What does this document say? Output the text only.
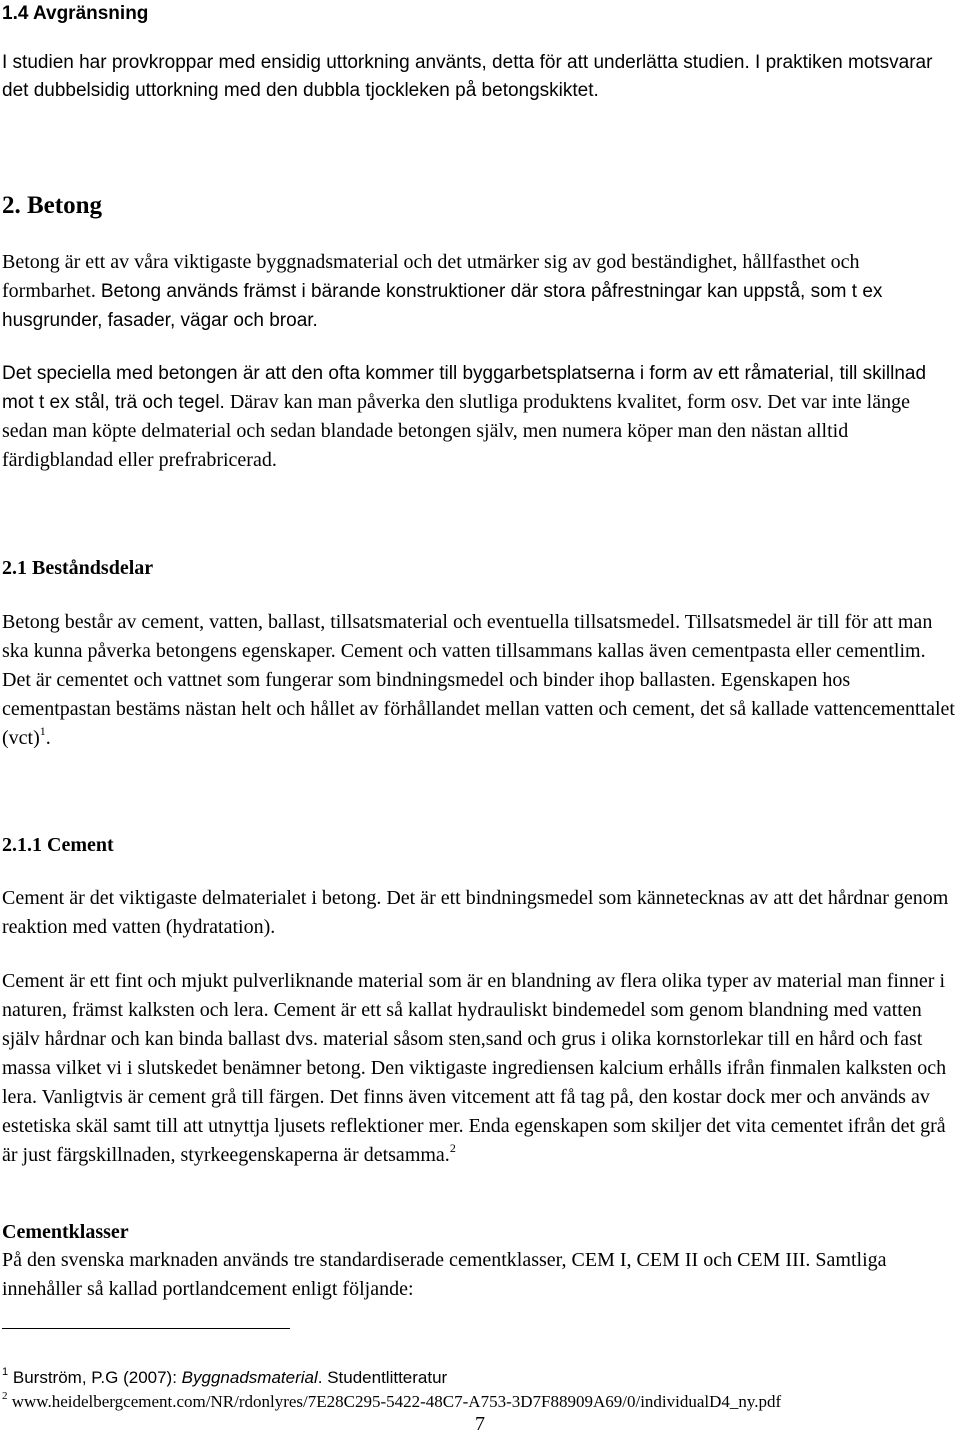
1.4 Avgränsning

I studien har provkroppar med ensidig uttorkning använts, detta för att underlätta studien. I praktiken motsvarar det dubbelsidig uttorkning med den dubbla tjockleken på betongskiktet.

2. Betong

Betong är ett av våra viktigaste byggnadsmaterial och det utmärker sig av god beständighet, hållfasthet och formbarhet. Betong används främst i bärande konstruktioner där stora påfrestningar kan uppstå, som t ex husgrunder, fasader, vägar och broar.

Det speciella med betongen är att den ofta kommer till byggarbetsplatserna i form av ett råmaterial, till skillnad mot t ex stål, trä och tegel. Därav kan man påverka den slutliga produktens kvalitet, form osv. Det var inte länge sedan man köpte delmaterial och sedan blandade betongen själv, men numera köper man den nästan alltid färdigblandad eller prefrabricerad.

2.1 Beståndsdelar

Betong består av cement, vatten, ballast, tillsatsmaterial och eventuella tillsatsmedel. Tillsatsmedel är till för att man ska kunna påverka betongens egenskaper. Cement och vatten tillsammans kallas även cementpasta eller cementlim. Det är cementet och vattnet som fungerar som bindningsmedel och binder ihop ballasten. Egenskapen hos cementpastan bestäms nästan helt och hållet av förhållandet mellan vatten och cement, det så kallade vattencementtalet (vct)$^1$.

2.1.1 Cement

Cement är det viktigaste delmaterialet i betong. Det är ett bindningsmedel som kännetecknas av att det hårdnar genom reaktion med vatten (hydratation).

Cement är ett fint och mjukt pulverliknande material som är en blandning av flera olika typer av material man finner i naturen, främst kalksten och lera. Cement är ett så kallat hydrauliskt bindemedel som genom blandning med vatten själv hårdnar och kan binda ballast dvs. material såsom sten,sand och grus i olika kornstorlekar till en hård och fast massa vilket vi i slutskedet benämner betong. Den viktigaste ingrediensen kalcium erhålls ifrån finmalen kalksten och lera. Vanligtvis är cement grå till färgen. Det finns även vitcement att få tag på, den kostar dock mer och används av estetiska skäl samt till att utnyttja ljusets reflektioner mer. Enda egenskapen som skiljer det vita cementet ifrån det grå är just färgskillnaden, styrkeegenskaperna är detsamma.$^2$

Cementklasser

På den svenska marknaden används tre standardiserade cementklasser, CEM I, CEM II och CEM III. Samtliga innehåller så kallad portlandcement enligt följande:

$^1$ Burström, P.G (2007): Byggnadsmaterial. Studentlitteratur
$^2$ www.heidelbergcement.com/NR/rdonlyres/7E28C295-5422-48C7-A753-3D7F88909A69/0/individualD4_ny.pdf
7
